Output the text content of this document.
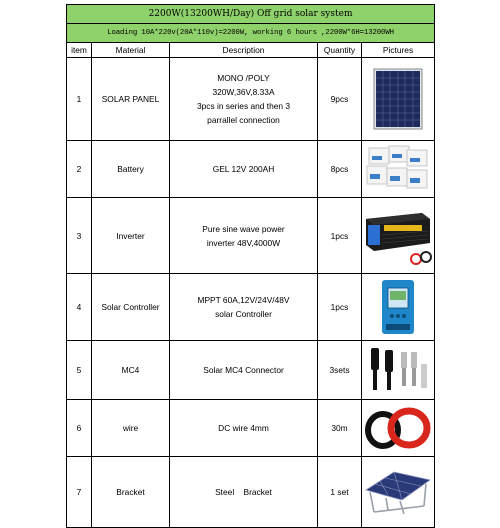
2200W(13200WH/Day) Off grid solar system				
Loading 10A*220v(20A*110v)=2200W, working 6 hours ,2200W*6H=13200WH				
item	Material	Description	Quantity	Pictures
1	SOLAR PANEL	MONO /POLY
320W,36V,8.33A
3pcs in series and then 3
parrallel connection	9pcs	

2	Battery	GEL 12V 200AH	8pcs	

3	Inverter	Pure sine wave power
inverter 48V,4000W	1pcs	

4	Solar Controller	MPPT 60A,12V/24V/48V
solar Controller	1pcs	

5	MC4	Solar MC4 Connector	3sets	

6	wire	DC wire 4mm	30m	

7	Bracket	Steel    Bracket	1 set	
